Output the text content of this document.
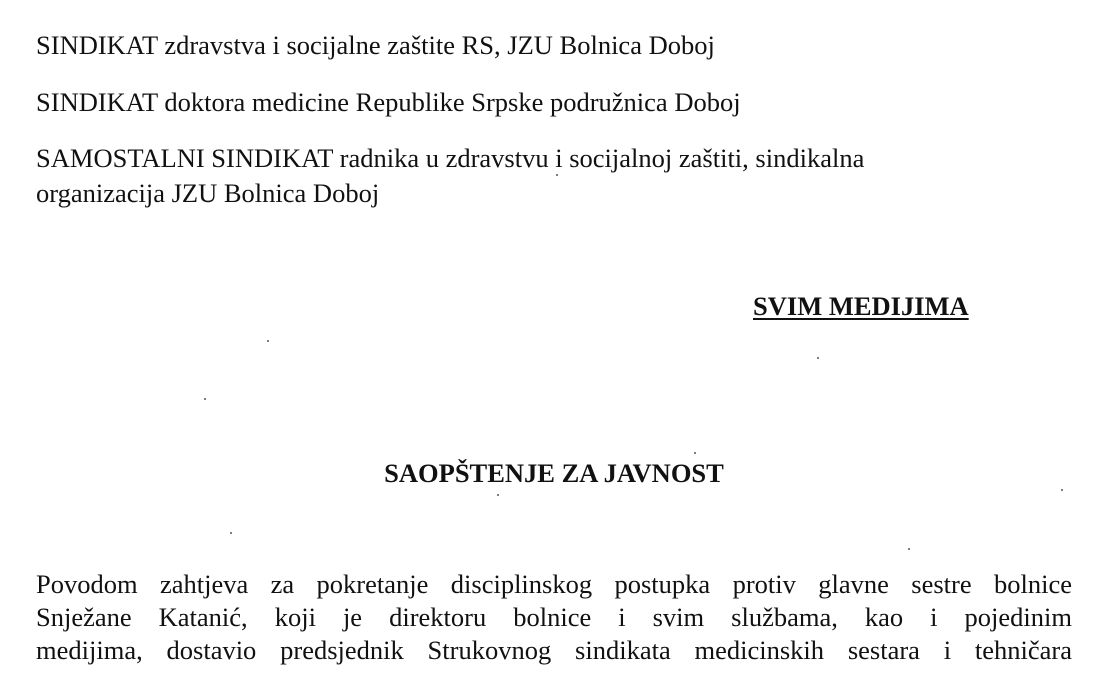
SINDIKAT zdravstva i socijalne zaštite RS, JZU Bolnica Doboj

SINDIKAT doktora medicine Republike Srpske podružnica Doboj

SAMOSTALNI SINDIKAT radnika u zdravstvu i socijalnoj zaštiti, sindikalna

organizacija JZU Bolnica Doboj

SVIM MEDIJIMA

SAOPŠTENJE ZA JAVNOST

Povodom zahtjeva za pokretanje disciplinskog postupka protiv glavne sestre bolnice
Snježane Katanić, koji je direktoru bolnice i svim službama, kao i pojedinim
medijima, dostavio predsjednik Strukovnog sindikata medicinskih sestara i tehničara
